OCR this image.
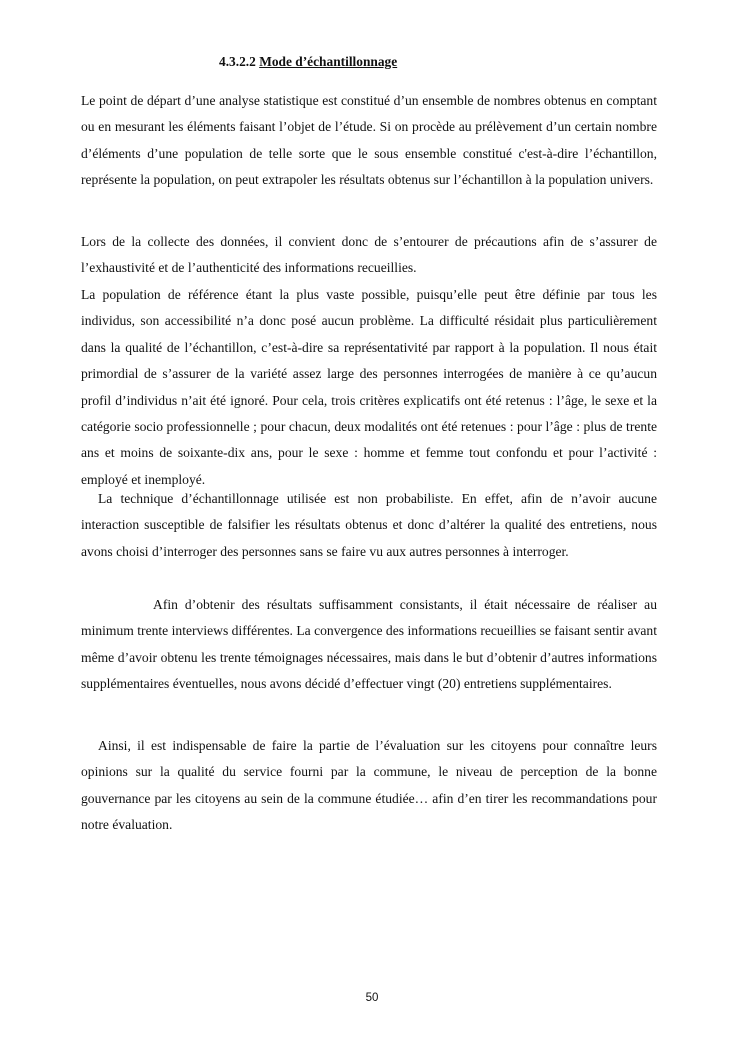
4.3.2.2 Mode d’échantillonnage

Le point de départ d’une analyse statistique est constitué d’un ensemble de nombres obtenus en comptant ou en mesurant les éléments faisant l’objet de l’étude. Si on procède au prélèvement d’un certain nombre d’éléments d’une population de telle sorte que le sous ensemble constitué c'est-à-dire l’échantillon, représente la population, on peut extrapoler les résultats obtenus sur l’échantillon à la population univers.

Lors de la collecte des données, il convient donc de s’entourer de précautions afin de s’assurer de l’exhaustivité et de l’authenticité des informations recueillies.

La population de référence étant la plus vaste possible, puisqu’elle peut être définie par tous les individus, son accessibilité n’a donc posé aucun problème. La difficulté résidait plus particulièrement dans la qualité de l’échantillon, c’est-à-dire sa représentativité par rapport à la population. Il nous était primordial de s’assurer de la variété assez large des personnes interrogées de manière à ce qu’aucun profil d’individus n’ait été ignoré. Pour cela, trois critères explicatifs ont été retenus : l’âge, le sexe et la catégorie socio professionnelle ; pour chacun, deux modalités ont été retenues : pour l’âge : plus de trente ans et moins de soixante-dix ans, pour le sexe : homme et femme tout confondu et pour l’activité : employé et inemployé.

La technique d’échantillonnage utilisée est non probabiliste. En effet, afin de n’avoir aucune interaction susceptible de falsifier les résultats obtenus et donc d’altérer la qualité des entretiens, nous avons choisi d’interroger des personnes sans se faire vu aux autres personnes à interroger.

Afin d’obtenir des résultats suffisamment consistants, il était nécessaire de réaliser au minimum trente interviews différentes. La convergence des informations recueillies se faisant sentir avant même d’avoir obtenu les trente témoignages nécessaires, mais dans le but d’obtenir d’autres informations supplémentaires éventuelles, nous avons décidé d’effectuer vingt (20) entretiens supplémentaires.

Ainsi, il est indispensable de faire la partie de l’évaluation sur les citoyens pour connaître leurs opinions sur la qualité du service fourni par la commune, le niveau de perception de la bonne gouvernance par les citoyens au sein de la commune étudiée… afin d’en tirer les recommandations pour notre évaluation.

50
